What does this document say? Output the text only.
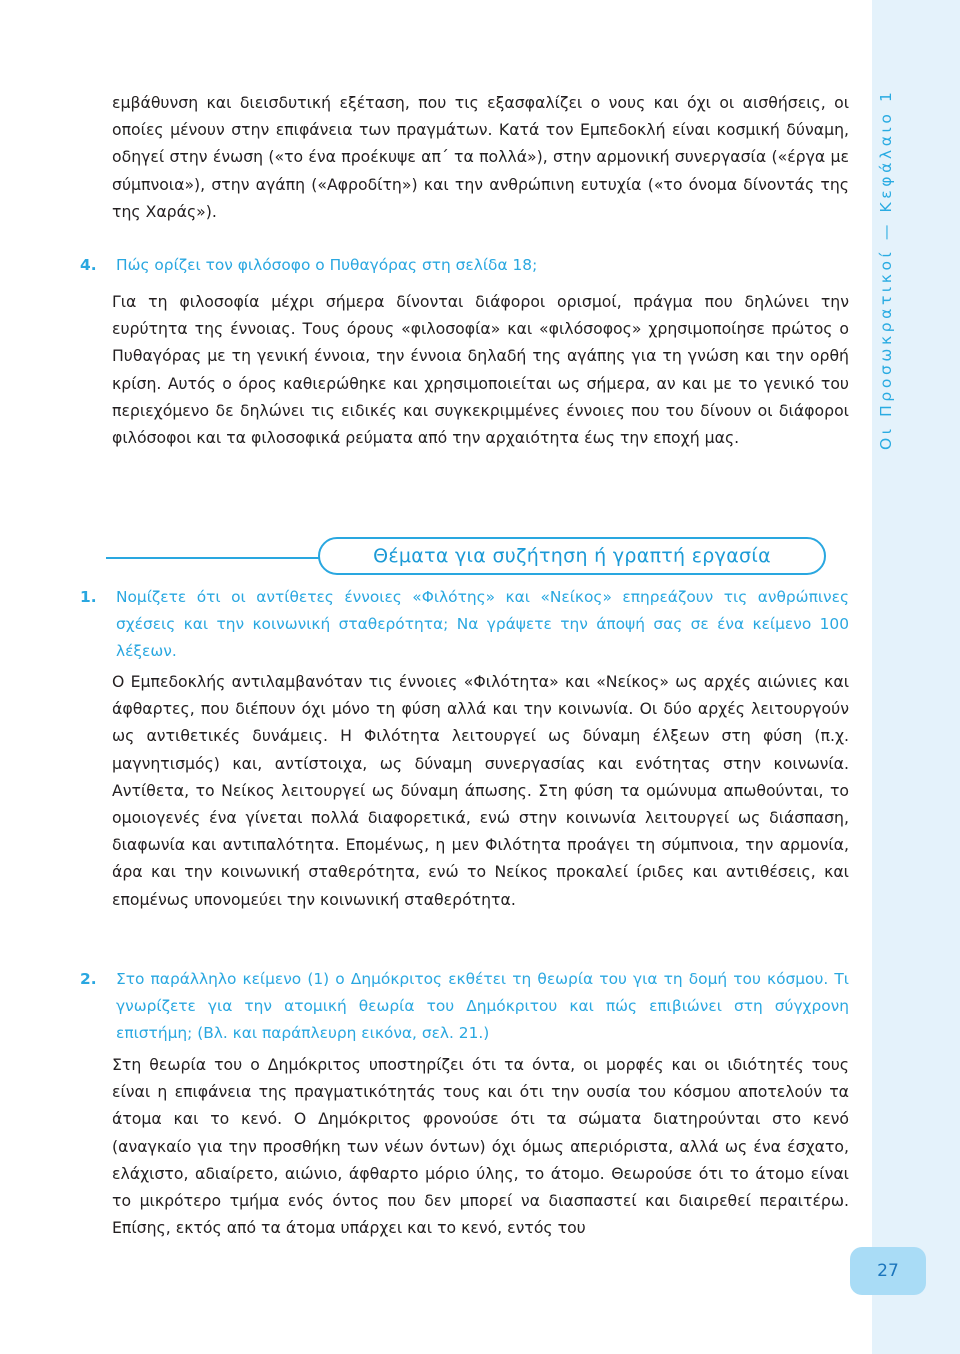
Οι Προσωκρατικοί — Κεφάλαιο 1

εμβάθυνση και διεισδυτική εξέταση, που τις εξασφαλίζει ο νους και όχι οι αισθήσεις, οι οποίες μένουν στην επιφάνεια των πραγμάτων. Κατά τον Εμπεδοκλή είναι κοσμική δύναμη, οδηγεί στην ένωση («το ένα προέκυψε απ΄ τα πολλά»), στην αρμονική συνεργασία («έργα με σύμπνοια»), στην αγάπη («Αφροδίτη») και την ανθρώπινη ευτυχία («το όνομα δίνοντάς της της Χαράς»).

4. Πώς ορίζει τον φιλόσοφο ο Πυθαγόρας στη σελίδα 18;

Για τη φιλοσοφία μέχρι σήμερα δίνονται διάφοροι ορισμοί, πράγμα που δηλώνει την ευρύτητα της έννοιας. Τους όρους «φιλοσοφία» και «φιλόσοφος» χρησιμοποίησε πρώτος ο Πυθαγόρας με τη γενική έννοια, την έννοια δηλαδή της αγάπης για τη γνώση και την ορθή κρίση. Αυτός ο όρος καθιερώθηκε και χρησιμοποιείται ως σήμερα, αν και με το γενικό του περιεχόμενο δε δηλώνει τις ειδικές και συγκεκριμμένες έννοιες που του δίνουν οι διάφοροι φιλόσοφοι και τα φιλοσοφικά ρεύματα από την αρχαιότητα έως την εποχή μας.

Θέματα για συζήτηση ή γραπτή εργασία
1. Νομίζετε ότι οι αντίθετες έννοιες «Φιλότης» και «Νείκος» επηρεάζουν τις ανθρώπινες σχέσεις και την κοινωνική σταθερότητα; Να γράψετε την άποψή σας σε ένα κείμενο 100 λέξεων.

Ο Εμπεδοκλής αντιλαμβανόταν τις έννοιες «Φιλότητα» και «Νείκος» ως αρχές αιώνιες και άφθαρτες, που διέπουν όχι μόνο τη φύση αλλά και την κοινωνία. Οι δύο αρχές λειτουργούν ως αντιθετικές δυνάμεις. Η Φιλότητα λειτουργεί ως δύναμη έλξεων στη φύση (π.χ. μαγνητισμός) και, αντίστοιχα, ως δύναμη συνεργασίας και ενότητας στην κοινωνία. Αντίθετα, το Νείκος λειτουργεί ως δύναμη άπωσης. Στη φύση τα ομώνυμα απωθούνται, το ομοιογενές ένα γίνεται πολλά διαφορετικά, ενώ στην κοινωνία λειτουργεί ως διάσπαση, διαφωνία και αντιπαλότητα. Επομένως, η μεν Φιλότητα προάγει τη σύμπνοια, την αρμονία, άρα και την κοινωνική σταθερότητα, ενώ το Νείκος προκαλεί ίριδες και αντιθέσεις, και επομένως υπονομεύει την κοινωνική σταθερότητα.

2. Στο παράλληλο κείμενο (1) ο Δημόκριτος εκθέτει τη θεωρία του για τη δομή του κόσμου. Τι γνωρίζετε για την ατομική θεωρία του Δημόκριτου και πώς επιβιώνει στη σύγχρονη επιστήμη; (Βλ. και παράπλευρη εικόνα, σελ. 21.)

Στη θεωρία του ο Δημόκριτος υποστηρίζει ότι τα όντα, οι μορφές και οι ιδιότητές τους είναι η επιφάνεια της πραγματικότητάς τους και ότι την ουσία του κόσμου αποτελούν τα άτομα και το κενό. Ο Δημόκριτος φρονούσε ότι τα σώματα διατηρούνται στο κενό (αναγκαίο για την προσθήκη των νέων όντων) όχι όμως απεριόριστα, αλλά ως ένα έσχατο, ελάχιστο, αδιαίρετο, αιώνιο, άφθαρτο μόριο ύλης, το άτομο. Θεωρούσε ότι το άτομο είναι το μικρότερο τμήμα ενός όντος που δεν μπορεί να διασπαστεί και διαιρεθεί περαιτέρω. Επίσης, εκτός από τα άτομα υπάρχει και το κενό, εντός του

27
